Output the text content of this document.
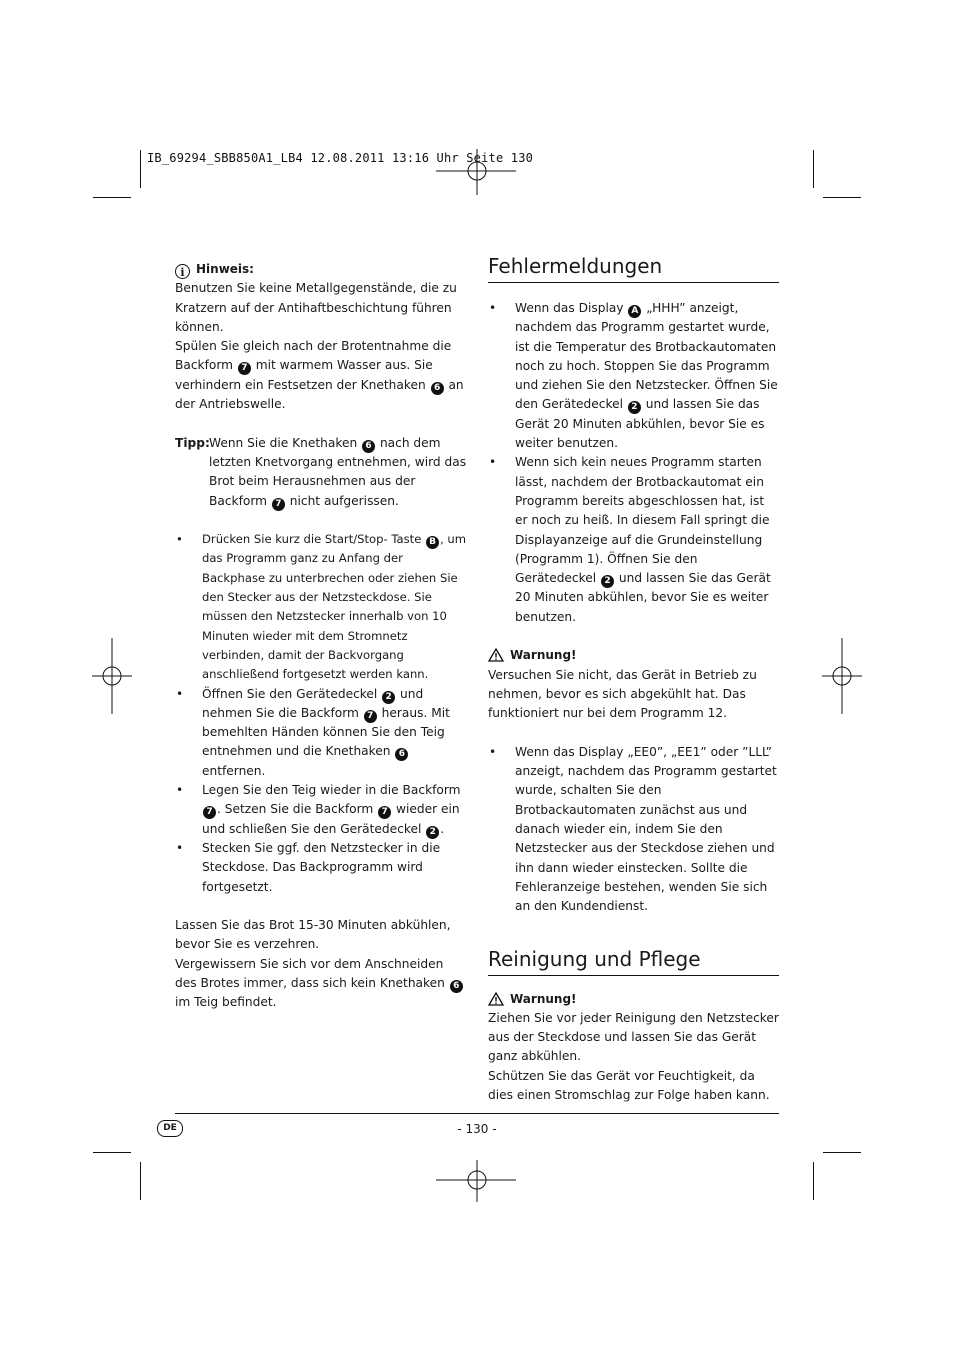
IB_69294_SBB850A1_LB4 12.08.2011 13:16 Uhr Seite 130

i Hinweis:

Benutzen Sie keine Metallgegenstände, die zu Kratzern auf der Antihaftbeschichtung führen können.

Spülen Sie gleich nach der Brotentnahme die Backform 7 mit warmem Wasser aus. Sie verhindern ein Festsetzen der Knethaken 6 an der Antriebswelle.

Tipp: Wenn Sie die Knethaken 6 nach dem letzten Knetvorgang entnehmen, wird das Brot beim Herausnehmen aus der Backform 7 nicht aufgerissen.
• Drücken Sie kurz die Start/Stop- Taste B , um das Programm ganz zu Anfang der Backphase zu unterbrechen oder ziehen Sie den Stecker aus der Netzsteckdose. Sie müssen den Netzstecker innerhalb von 10 Minuten wieder mit dem Stromnetz verbinden, damit der Backvorgang anschließend fortgesetzt werden kann.
• Öffnen Sie den Gerätedeckel 2 und nehmen Sie die Backform 7 heraus. Mit bemehlten Händen können Sie den Teig entnehmen und die Knethaken 6 entfernen.
• Legen Sie den Teig wieder in die Backform 7 . Setzen Sie die Backform 7 wieder ein und schließen Sie den Gerätedeckel 2 .
• Stecken Sie ggf. den Netzstecker in die Steckdose. Das Backprogramm wird fortgesetzt.

Lassen Sie das Brot 15-30 Minuten abkühlen, bevor Sie es verzehren.

Vergewissern Sie sich vor dem Anschneiden des Brotes immer, dass sich kein Knethaken 6 im Teig befindet.

Fehlermeldungen
• Wenn das Display A „HHH” anzeigt, nachdem das Programm gestartet wurde, ist die Temperatur des Brotbackautomaten noch zu hoch. Stoppen Sie das Programm und ziehen Sie den Netzstecker. Öffnen Sie den Gerätedeckel 2 und lassen Sie das Gerät 20 Minuten abkühlen, bevor Sie es weiter benutzen.
• Wenn sich kein neues Programm starten lässt, nachdem der Brotbackautomat ein Programm bereits abgeschlossen hat, ist er noch zu heiß. In diesem Fall springt die Displayanzeige auf die Grundeinstellung (Programm 1). Öffnen Sie den Gerätedeckel 2 und lassen Sie das Gerät 20 Minuten abkühlen, bevor Sie es weiter benutzen.

Warnung!

Versuchen Sie nicht, das Gerät in Betrieb zu nehmen, bevor es sich abgekühlt hat. Das funktioniert nur bei dem Programm 12.

• Wenn das Display „EE0”, „EE1” oder ”LLL” anzeigt, nachdem das Programm gestartet wurde, schalten Sie den Brotbackautomaten zunächst aus und danach wieder ein, indem Sie den Netzstecker aus der Steckdose ziehen und ihn dann wieder einstecken. Sollte die Fehleranzeige bestehen, wenden Sie sich an den Kundendienst.
Reinigung und Pflege

Warnung!

Ziehen Sie vor jeder Reinigung den Netzstecker aus der Steckdose und lassen Sie das Gerät ganz abkühlen.

Schützen Sie das Gerät vor Feuchtigkeit, da dies einen Stromschlag zur Folge haben kann.

DE	- 130 -
